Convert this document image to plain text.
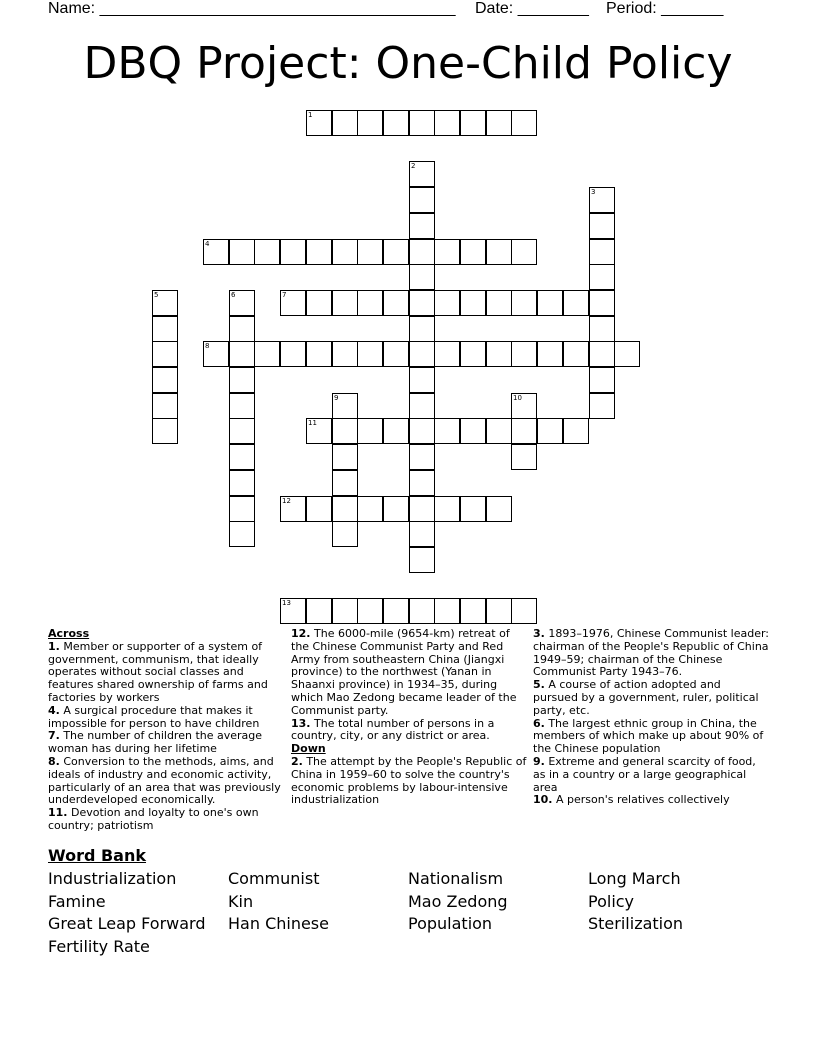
Name: ________________________________________

Date: ________

Period: _______

DBQ Project: One-Child Policy
1
2
3
4
5	6	7
8
9	10
11
12
13

Across

1. Member or supporter of a system of government, communism, that ideally operates without social classes and features shared ownership of farms and factories by workers

4. A surgical procedure that makes it impossible for person to have children

7. The number of children the average woman has during her lifetime

8. Conversion to the methods, aims, and ideals of industry and economic activity, particularly of an area that was previously underdeveloped economically.

11. Devotion and loyalty to one's own country; patriotism

12. The 6000-mile (9654-km) retreat of the Chinese Communist Party and Red Army from southeastern China (Jiangxi province) to the northwest (Yanan in Shaanxi province) in 1934–35, during which Mao Zedong became leader of the Communist party.

13. The total number of persons in a country, city, or any district or area.

Down

2. The attempt by the People's Republic of China in 1959–60 to solve the country's economic problems by labour-intensive industrialization

3. 1893–1976, Chinese Communist leader: chairman of the People's Republic of China 1949–59; chairman of the Chinese Communist Party 1943–76.

5. A course of action adopted and pursued by a government, ruler, political party, etc.

6. The largest ethnic group in China, the members of which make up about 90% of the Chinese population

9. Extreme and general scarcity of food, as in a country or a large geographical area

10. A person's relatives collectively

Word Bank
Industrialization
Famine
Great Leap Forward
Fertility Rate
Communist
Kin
Han Chinese
Nationalism
Mao Zedong
Population
Long March
Policy
Sterilization
